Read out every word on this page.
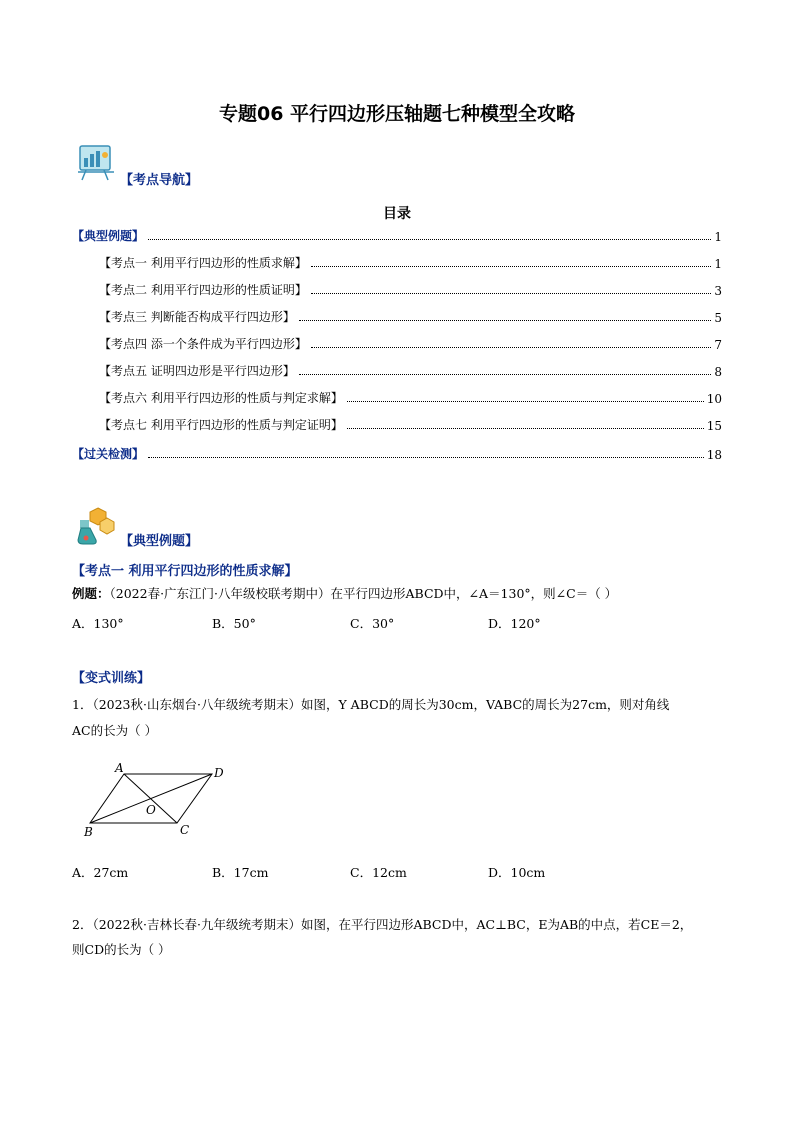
专题06 平行四边形压轴题七种模型全攻略
【考点导航】
目录
【典型例题】	1
【考点一 利用平行四边形的性质求解】	1
【考点二 利用平行四边形的性质证明】	3
【考点三 判断能否构成平行四边形】	5
【考点四 添一个条件成为平行四边形】	7
【考点五 证明四边形是平行四边形】	8
【考点六 利用平行四边形的性质与判定求解】	10
【考点七 利用平行四边形的性质与判定证明】	15
【过关检测】	18
【典型例题】
【考点一 利用平行四边形的性质求解】
例题：（2022春·广东江门·八年级校联考期中）在平行四边形ABCD中，∠A＝130°，则∠C＝（ ）
A．130°	B．50°	C．30°	D．120°
【变式训练】
1．（2023秋·山东烟台·八年级统考期末）如图，Y ABCD的周长为30cm，VABC的周长为27cm，则对角线
AC的长为（ ）
A	D
B	C
O
A．27cm	B．17cm	C．12cm	D．10cm
2．（2022秋·吉林长春·九年级统考期末）如图，在平行四边形ABCD中，AC⊥BC，E为AB的中点，若CE＝2，
则CD的长为（ ）
